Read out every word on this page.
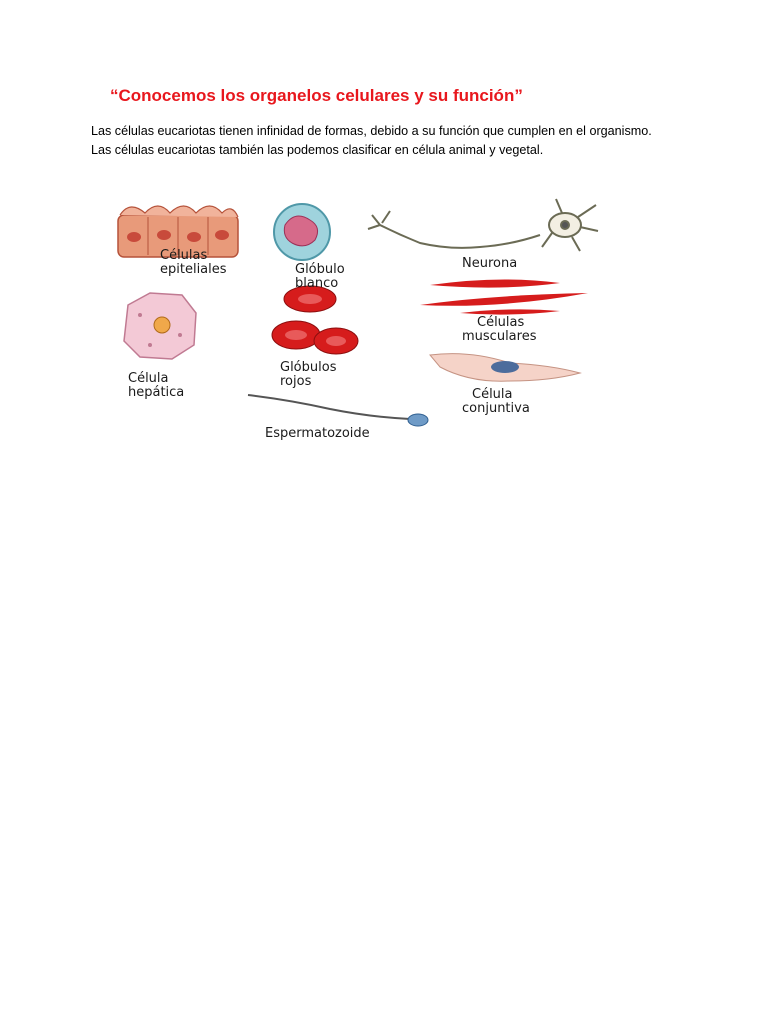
“Conocemos los organelos celulares y su función”
Las células eucariotas tienen infinidad de formas, debido a su función que cumplen en el organismo.
Las células eucariotas también las podemos clasificar en célula animal y vegetal.
Células
epiteliales	Glóbulo
blanco
Neurona
Células
musculares
Célula
hepática
Glóbulos
rojos
Célula
conjuntiva
Espermatozoide
